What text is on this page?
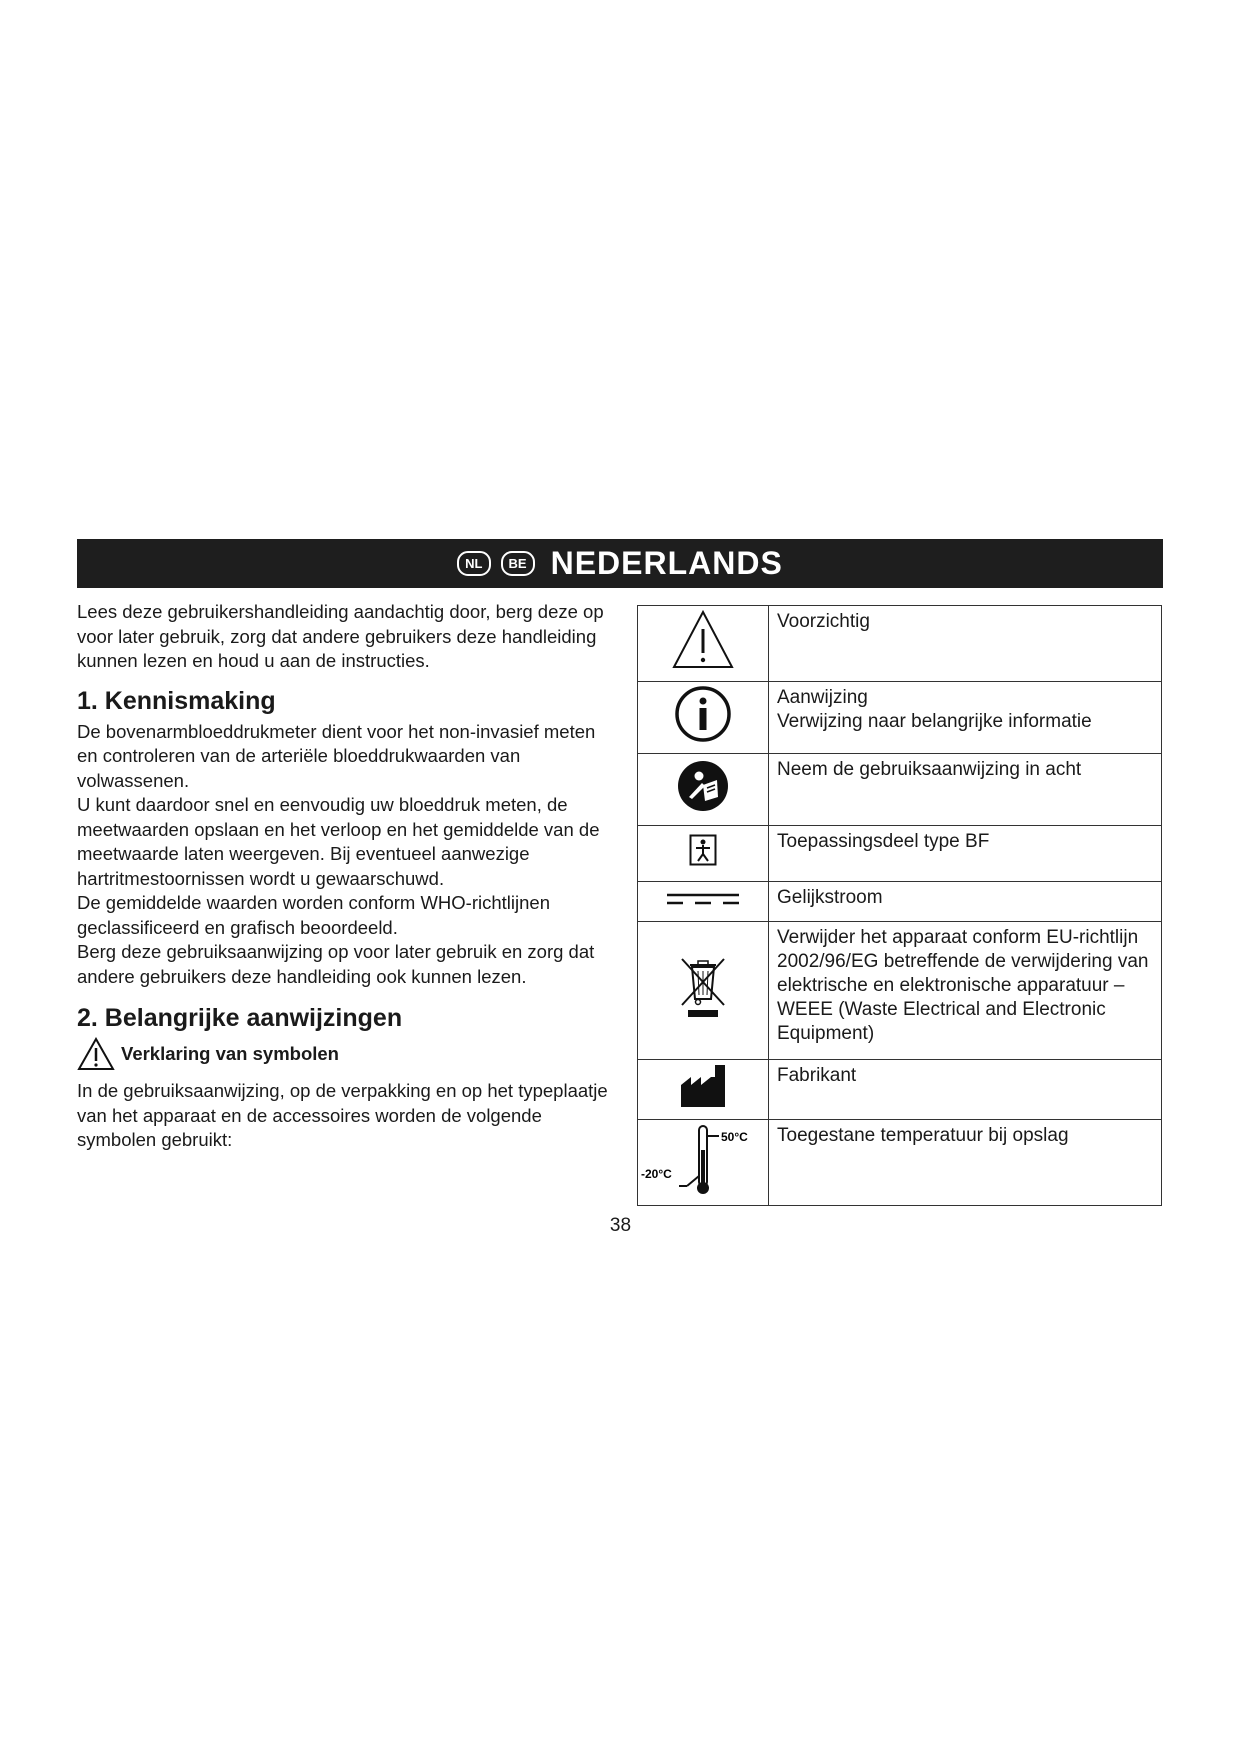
NL	BE NEDERLANDS

Lees deze gebruikershandleiding aandachtig door, berg deze op voor later gebruik, zorg dat andere gebruikers deze handleiding kunnen lezen en houd u aan de instructies.

1. Kennismaking

De bovenarmbloeddrukmeter dient voor het non-invasief meten en controleren van de arteriële bloeddrukwaarden van volwassenen.

U kunt daardoor snel en eenvoudig uw bloeddruk meten, de meetwaarden opslaan en het verloop en het gemiddelde van de meetwaarde laten weergeven. Bij eventueel aanwezige hartritmestoornissen wordt u gewaarschuwd.

De gemiddelde waarden worden conform WHO-richtlijnen geclassificeerd en grafisch beoordeeld.

Berg deze gebruiksaanwijzing op voor later gebruik en zorg dat andere gebruikers deze handleiding ook kunnen lezen.

2. Belangrijke aanwijzingen
Verklaring van symbolen

In de gebruiksaanwijzing, op de verpakking en op het typeplaatje van het apparaat en de accessoires worden de volgende symbolen gebruikt:

Voorzichtig

Aanwijzing
Verwijzing naar belangrijke informatie

Neem de gebruiksaanwijzing in acht

Toepassingsdeel type BF

Gelijkstroom

Verwijder het apparaat conform EU-richtlijn 2002/96/EG betreffende de verwijdering van elektrische en elektronische apparatuur – WEEE (Waste Electrical and Electronic Equipment)

Fabrikant

50°C
-20°C	Toegestane temperatuur bij opslag
38
